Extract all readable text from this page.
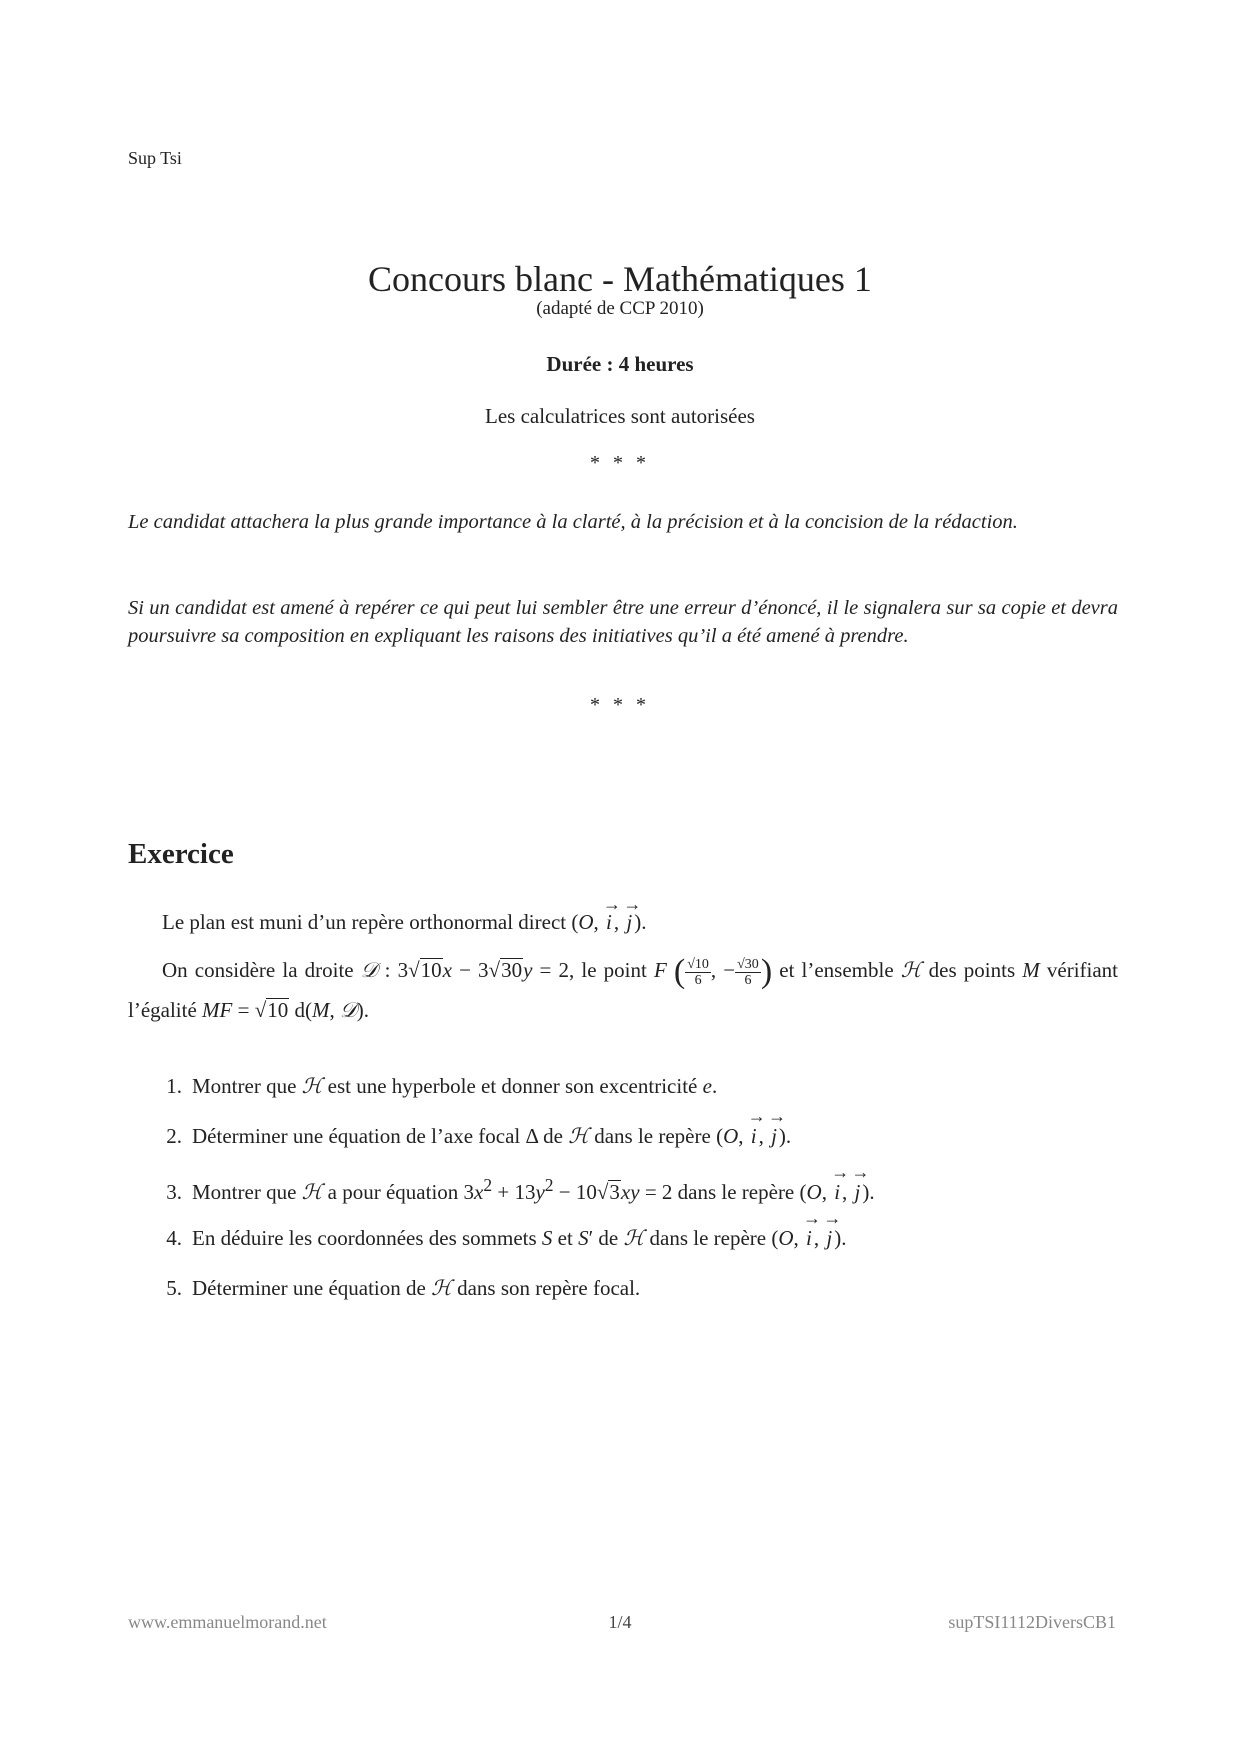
Sup Tsi
Concours blanc - Mathématiques 1
(adapté de CCP 2010)
Durée : 4 heures
Les calculatrices sont autorisées
* * *
Le candidat attachera la plus grande importance à la clarté, à la précision et à la concision de la rédaction.
Si un candidat est amené à repérer ce qui peut lui sembler être une erreur d’énoncé, il le signalera sur sa copie et devra poursuivre sa composition en expliquant les raisons des initiatives qu’il a été amené à prendre.
* * *
Exercice
Le plan est muni d’un repère orthonormal direct (O, → i, → j).
On considère la droite 𝒟 : 3√10x − 3√30y = 2, le point F ( $\frac{√10}{6}$ , − $\frac{√30}{6}$ ) et l’ensemble ℋ des points M vérifiant l’égalité MF = √10 d(M, 𝒟).
1. Montrer que ℋ est une hyperbole et donner son excentricité e.
2. Déterminer une équation de l’axe focal Δ de ℋ dans le repère (O, → i, → j).
3. Montrer que ℋ a pour équation $3x^2 + 13y^2 - 10√3xy = 2$ dans le repère (O, → i, → j).
4. En déduire les coordonnées des sommets S et S′ de ℋ dans le repère (O, → i, → j).
5. Déterminer une équation de ℋ dans son repère focal.
www.emmanuelmorand.net	1/4	supTSI1112DiversCB1
